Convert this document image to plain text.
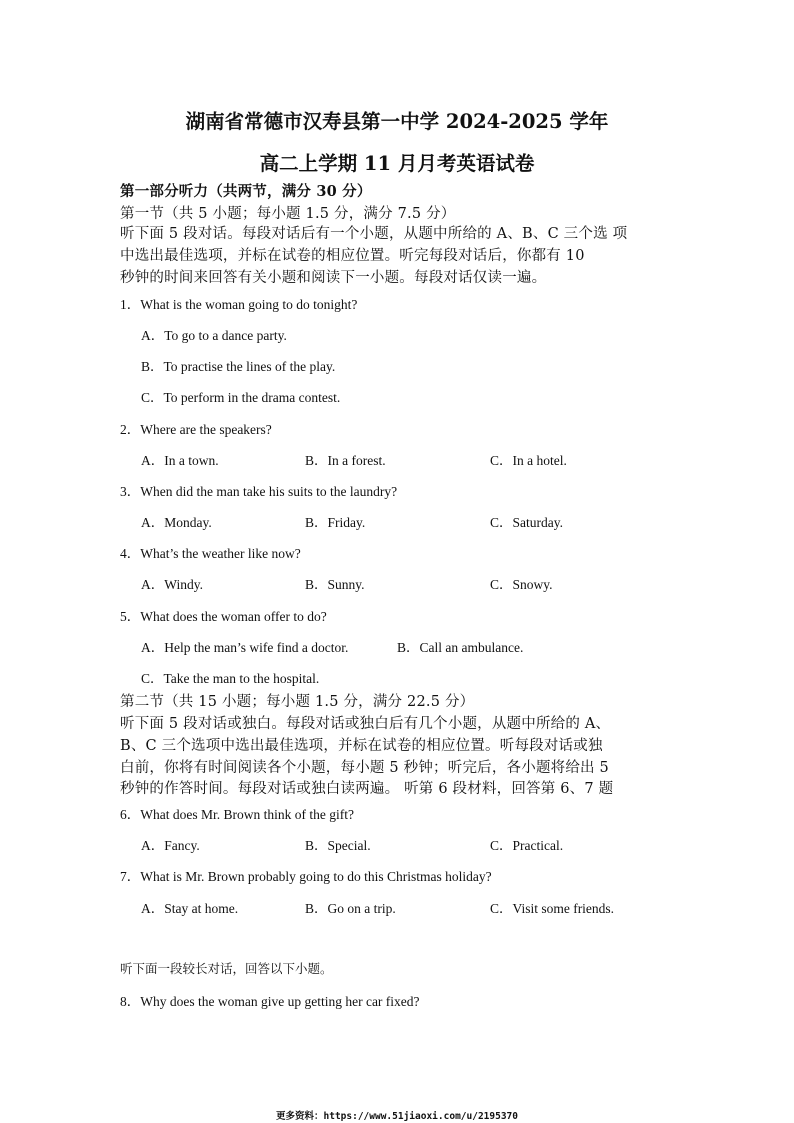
湖南省常德市汉寿县第一中学 2024-2025 学年
高二上学期 11 月月考英语试卷
第一部分听力（共两节，满分 30 分）
第一节（共 5 小题；每小题 1.5 分，满分 7.5 分）
听下面 5 段对话。每段对话后有一个小题，从题中所给的 A、B、C 三个选 项
中选出最佳选项，并标在试卷的相应位置。听完每段对话后，你都有 10
秒钟的时间来回答有关小题和阅读下一小题。每段对话仅读一遍。
1．What is the woman going to do tonight?
A．To go to a dance party.
B．To practise the lines of the play.
C．To perform in the drama contest.
2．Where are the speakers?
A．In a town.	B．In a forest.	C．In a hotel.
3．When did the man take his suits to the laundry?
A．Monday.	B．Friday.	C．Saturday.
4．What’s the weather like now?
A．Windy.	B．Sunny.	C．Snowy.
5．What does the woman offer to do?
A．Help the man’s wife find a doctor.	B．Call an ambulance.
C．Take the man to the hospital.
第二节（共 15 小题；每小题 1.5 分，满分 22.5 分）
听下面 5 段对话或独白。每段对话或独白后有几个小题，从题中所给的 A、
B、C 三个选项中选出最佳选项，并标在试卷的相应位置。听每段对话或独
白前，你将有时间阅读各个小题，每小题 5 秒钟；听完后，各小题将给出 5
秒钟的作答时间。每段对话或独白读两遍。 听第 6 段材料，回答第 6、7 题
6．What does Mr. Brown think of the gift?
A．Fancy.	B．Special.	C．Practical.
7．What is Mr. Brown probably going to do this Christmas holiday?
A．Stay at home.	B．Go on a trip.	C．Visit some friends.
听下面一段较长对话，回答以下小题。
8．Why does the woman give up getting her car fixed?
更多资料：https://www.51jiaoxi.com/u/2195370
